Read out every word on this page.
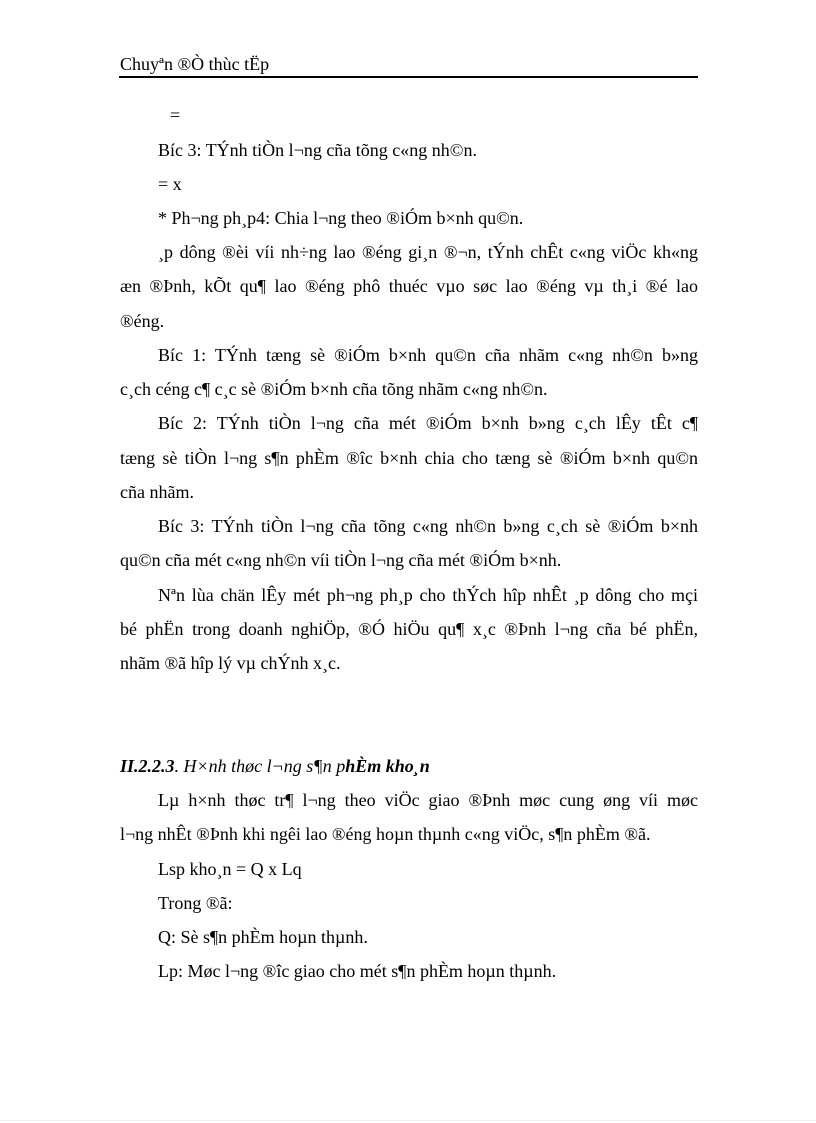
Chuyªn ®Ò thùc tËp
=
Bíc 3: TÝnh tiÒn l¬ng cña tõng c«ng nh©n.
= x
* Ph¬ng ph¸p4: Chia l¬ng theo ®iÓm b×nh qu©n.
¸p dông ®èi víi nh÷ng lao ®éng gi¸n ®¬n, tÝnh chÊt c«ng viÖc kh«ng
æn ®Þnh, kÕt qu¶ lao ®éng phô thuéc vµo søc lao ®éng vµ th¸i ®é lao
®éng.
Bíc 1: TÝnh tæng sè ®iÓm b×nh qu©n cña nhãm c«ng nh©n b»ng
c¸ch céng c¶ c¸c sè ®iÓm b×nh cña tõng nhãm c«ng nh©n.
Bíc 2: TÝnh tiÒn l¬ng cña mét ®iÓm b×nh b»ng c¸ch lÊy tÊt c¶
tæng sè tiÒn l¬ng s¶n phÈm ®îc b×nh chia cho tæng sè ®iÓm b×nh qu©n
cña nhãm.
Bíc 3: TÝnh tiÒn l¬ng cña tõng c«ng nh©n b»ng c¸ch sè ®iÓm b×nh
qu©n cña mét c«ng nh©n víi tiÒn l¬ng cña mét ®iÓm b×nh.
Nªn lùa chän lÊy mét ph¬ng ph¸p cho thÝch hîp nhÊt ¸p dông cho mçi
bé phËn trong doanh nghiÖp, ®Ó hiÖu qu¶ x¸c ®Þnh l¬ng cña bé phËn,
nhãm ®ã hîp lý vµ chÝnh x¸c.
II.2.2.3. H×nh thøc l¬ng s¶n phÈm kho¸n
Lµ h×nh thøc tr¶ l¬ng theo viÖc giao ®Þnh møc cung øng víi møc
l¬ng nhÊt ®Þnh khi ngêi lao ®éng hoµn thµnh c«ng viÖc, s¶n phÈm ®ã.
Lsp kho¸n = Q x Lq
Trong ®ã:
Q: Sè s¶n phÈm hoµn thµnh.
Lp: Møc l¬ng ®îc giao cho mét s¶n phÈm hoµn thµnh.
